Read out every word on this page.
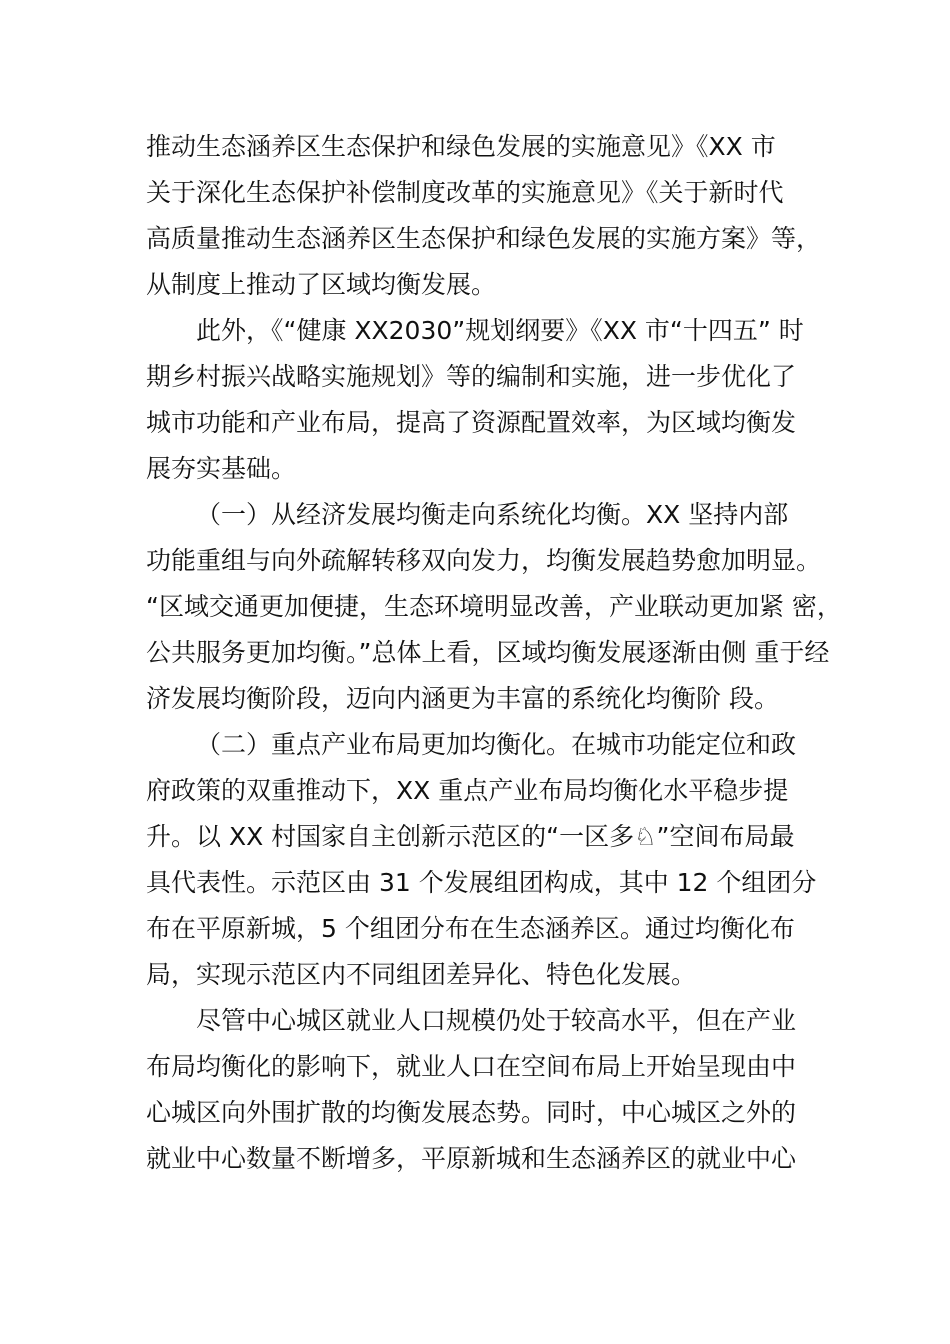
推动生态涵养区生态保护和绿色发展的实施意见》《XX 市
关于深化生态保护补偿制度改革的实施意见》《关于新时代
高质量推动生态涵养区生态保护和绿色发展的实施方案》等，
从制度上推动了区域均衡发展。
此外，《“健康 XX2030”规划纲要》《XX 市“十四五” 时
期乡村振兴战略实施规划》等的编制和实施，进一步优化了
城市功能和产业布局，提高了资源配置效率，为区域均衡发
展夯实基础。
（一）从经济发展均衡走向系统化均衡。XX 坚持内部
功能重组与向外疏解转移双向发力，均衡发展趋势愈加明显。
“区域交通更加便捷，生态环境明显改善，产业联动更加紧 密，
公共服务更加均衡。”总体上看，区域均衡发展逐渐由侧 重于经
济发展均衡阶段，迈向内涵更为丰富的系统化均衡阶 段。
（二）重点产业布局更加均衡化。在城市功能定位和政
府政策的双重推动下，XX 重点产业布局均衡化水平稳步提
升。以 XX 村国家自主创新示范区的“一区多♘”空间布局最
具代表性。示范区由 31 个发展组团构成，其中 12 个组团分
布在平原新城，5 个组团分布在生态涵养区。通过均衡化布
局，实现示范区内不同组团差异化、特色化发展。
尽管中心城区就业人口规模仍处于较高水平，但在产业
布局均衡化的影响下，就业人口在空间布局上开始呈现由中
心城区向外围扩散的均衡发展态势。同时，中心城区之外的
就业中心数量不断增多，平原新城和生态涵养区的就业中心
